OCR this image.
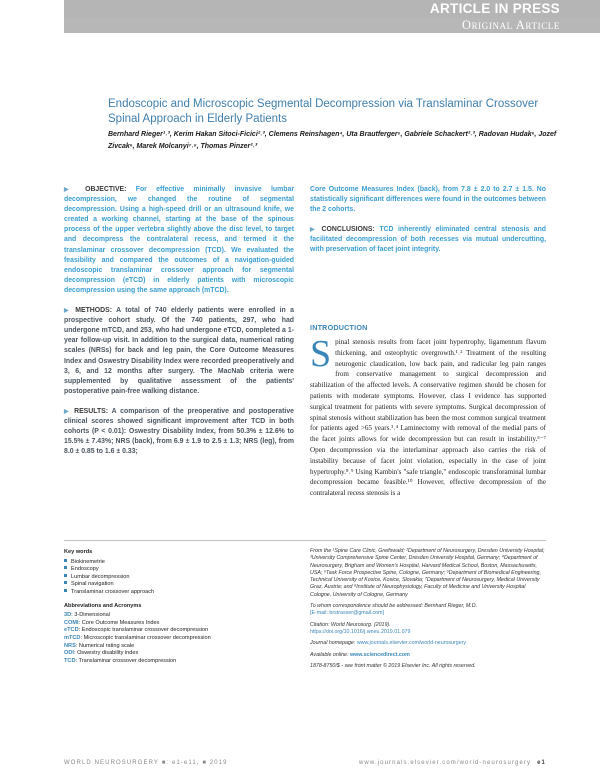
ARTICLE IN PRESS
Original Article
Endoscopic and Microscopic Segmental Decompression via Translaminar Crossover Spinal Approach in Elderly Patients
Bernhard Rieger¹˒³, Kerim Hakan Sitoci-Ficici²˒³, Clemens Reinshagen⁴, Uta Brautferger⁵, Gabriele Schackert²˒³, Radovan Hudak⁶, Jozef Zivcak⁶, Marek Molcanyi⁷˒⁸, Thomas Pinzer²˒³

▶ OBJECTIVE: For effective minimally invasive lumbar decompression, we changed the routine of segmental decompression. Using a high-speed drill or an ultrasound knife, we created a working channel, starting at the base of the spinous process of the upper vertebra slightly above the disc level, to target and decompress the contralateral recess, and termed it the translaminar crossover decompression (TCD). We evaluated the feasibility and compared the outcomes of a navigation-guided endoscopic translaminar crossover approach for segmental decompression (eTCD) in elderly patients with microscopic decompression using the same approach (mTCD).

▶ METHODS: A total of 740 elderly patients were enrolled in a prospective cohort study. Of the 740 patients, 297, who had undergone mTCD, and 253, who had undergone eTCD, completed a 1-year follow-up visit. In addition to the surgical data, numerical rating scales (NRSs) for back and leg pain, the Core Outcome Measures Index and Oswestry Disability Index were recorded preoperatively and 3, 6, and 12 months after surgery. The MacNab criteria were supplemented by qualitative assessment of the patients' postoperative pain-free walking distance.

▶ RESULTS: A comparison of the preoperative and postoperative clinical scores showed significant improvement after TCD in both cohorts (P < 0.01): Oswestry Disability Index, from 50.3% ± 12.6% to 15.5% ± 7.43%; NRS (back), from 6.9 ± 1.9 to 2.5 ± 1.3; NRS (leg), from 8.0 ± 0.85 to 1.6 ± 0.33;

Core Outcome Measures Index (back), from 7.8 ± 2.0 to 2.7 ± 1.5. No statistically significant differences were found in the outcomes between the 2 cohorts.

▶ CONCLUSIONS: TCD inherently eliminated central stenosis and facilitated decompression of both recesses via mutual undercutting, with preservation of facet joint integrity.

INTRODUCTION
S pinal stenosis results from facet joint hypertrophy, ligamentum flavum thickening, and osteophytic overgrowth.¹˒² Treatment of the resulting neurogenic claudication, low back pain, and radicular leg pain ranges from conservative management to surgical decompression and stabilization of the affected levels. A conservative regimen should be chosen for patients with moderate symptoms. However, class I evidence has supported surgical treatment for patients with severe symptoms. Surgical decompression of spinal stenosis without stabilization has been the most common surgical treatment for patients aged >65 years.³˒⁴ Laminectomy with removal of the medial parts of the facet joints allows for wide decompression but can result in instability.⁵⁻⁷ Open decompression via the interlaminar approach also carries the risk of instability because of facet joint violation, especially in the case of joint hypertrophy.⁸˒⁹ Using Kambin's "safe triangle," endoscopic transforaminal lumbar decompression became feasible.¹⁰ However, effective decompression of the contralateral recess stenosis is a
Key words
Biokinemetrie
Endoscopy
Lumbar decompression
Spinal navigation
Translaminar crossover approach
Abbreviations and Acronyms
3D: 3-Dimensional
COMI: Core Outcome Measures Index
eTCD: Endoscopic translaminar crossover decompression
mTCD: Microscopic translaminar crossover decompression
NRS: Numerical rating scale
ODI: Oswestry disability index
TCD: Translaminar crossover decompression

From the ¹Spine Care Clinic, Greifswald; ²Department of Neurosurgery, Dresden University Hospital; ³University Comprehensive Spine Center, Dresden University Hospital, Germany; ⁴Department of Neurosurgery, Brigham and Women's Hospital, Harvard Medical School, Boston, Massachusetts, USA; ⁵Task Force Prospective Spine, Cologne, Germany; ⁶Department of Biomedical Engineering, Technical University of Kosice, Kosice, Slovakia; ⁷Department of Neurosurgery, Medical University Graz, Austria; and ⁸Institute of Neurophysiology, Faculty of Medicine and University Hospital Cologne, University of Cologne, Germany

To whom correspondence should be addressed: Bernhard Rieger, M.D.
[E-mail: brstrasser@gmail.com]

Citation: World Neurosurg. (2019).
https://doi.org/10.1016/j.wneu.2019.01.079

Journal homepage: www.journals.elsevier.com/world-neurosurgery

Available online: www.sciencedirect.com

1878-8750/$ - see front matter © 2019 Elsevier Inc. All rights reserved.

WORLD NEUROSURGERY ■: e1-e11, ■ 2019	www.journals.elsevier.com/world-neurosurgery e1
